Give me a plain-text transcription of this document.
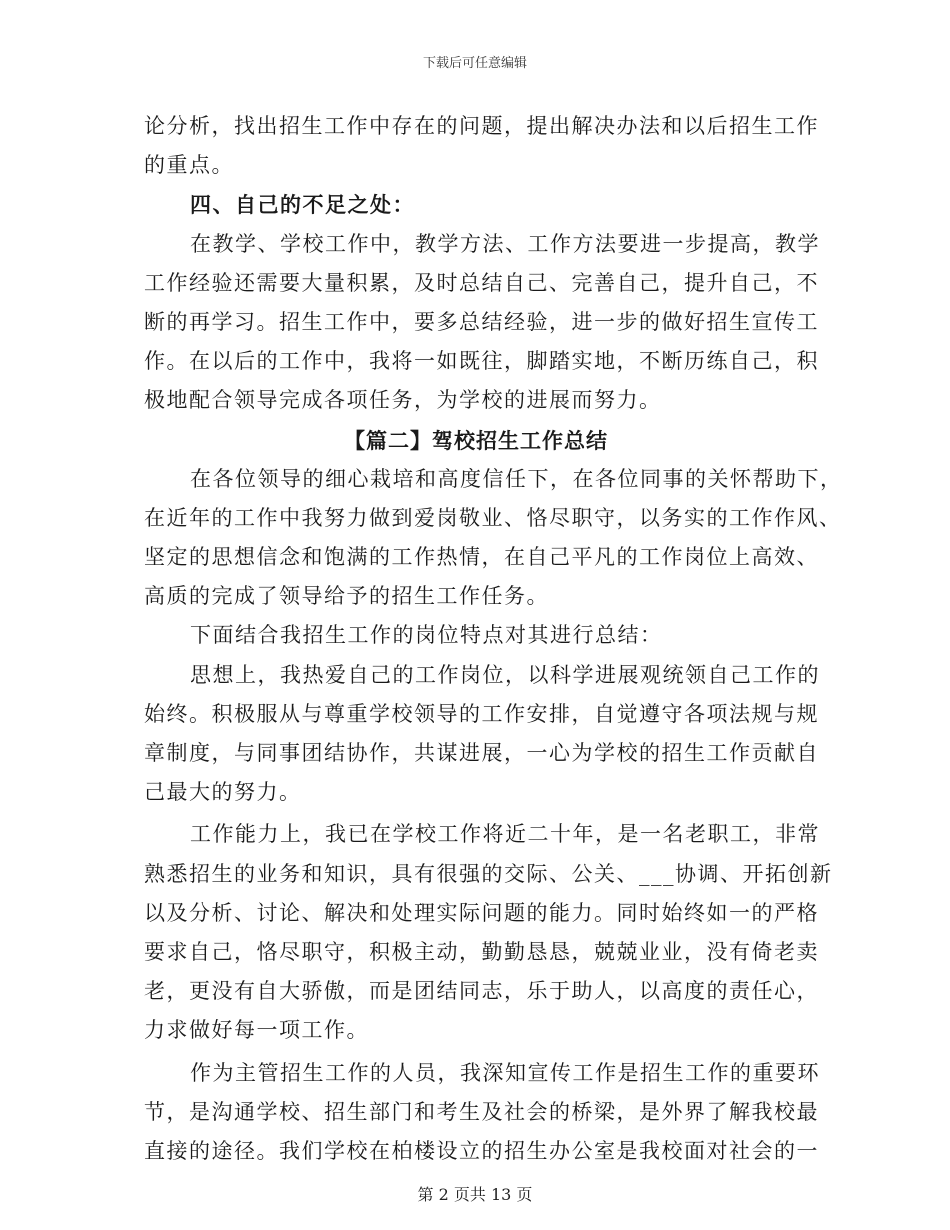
下载后可任意编辑
论分析，找出招生工作中存在的问题，提出解决办法和以后招生工作
的重点。
四、自己的不足之处：
在教学、学校工作中，教学方法、工作方法要进一步提高，教学
工作经验还需要大量积累，及时总结自己、完善自己，提升自己，不
断的再学习。招生工作中，要多总结经验，进一步的做好招生宣传工
作。在以后的工作中，我将一如既往，脚踏实地，不断历练自己，积
极地配合领导完成各项任务，为学校的进展而努力。
【篇二】驾校招生工作总结
在各位领导的细心栽培和高度信任下，在各位同事的关怀帮助下，
在近年的工作中我努力做到爱岗敬业、恪尽职守，以务实的工作作风、
坚定的思想信念和饱满的工作热情，在自己平凡的工作岗位上高效、
高质的完成了领导给予的招生工作任务。
下面结合我招生工作的岗位特点对其进行总结：
思想上，我热爱自己的工作岗位，以科学进展观统领自己工作的
始终。积极服从与尊重学校领导的工作安排，自觉遵守各项法规与规
章制度，与同事团结协作，共谋进展，一心为学校的招生工作贡献自
己最大的努力。
工作能力上，我已在学校工作将近二十年，是一名老职工，非常
熟悉招生的业务和知识，具有很强的交际、公关、___协调、开拓创新
以及分析、讨论、解决和处理实际问题的能力。同时始终如一的严格
要求自己，恪尽职守，积极主动，勤勤恳恳，兢兢业业，没有倚老卖
老，更没有自大骄傲，而是团结同志，乐于助人，以高度的责任心，
力求做好每一项工作。
作为主管招生工作的人员，我深知宣传工作是招生工作的重要环
节，是沟通学校、招生部门和考生及社会的桥梁，是外界了解我校最
直接的途径。我们学校在柏楼设立的招生办公室是我校面对社会的一
第 2 页共 13 页
